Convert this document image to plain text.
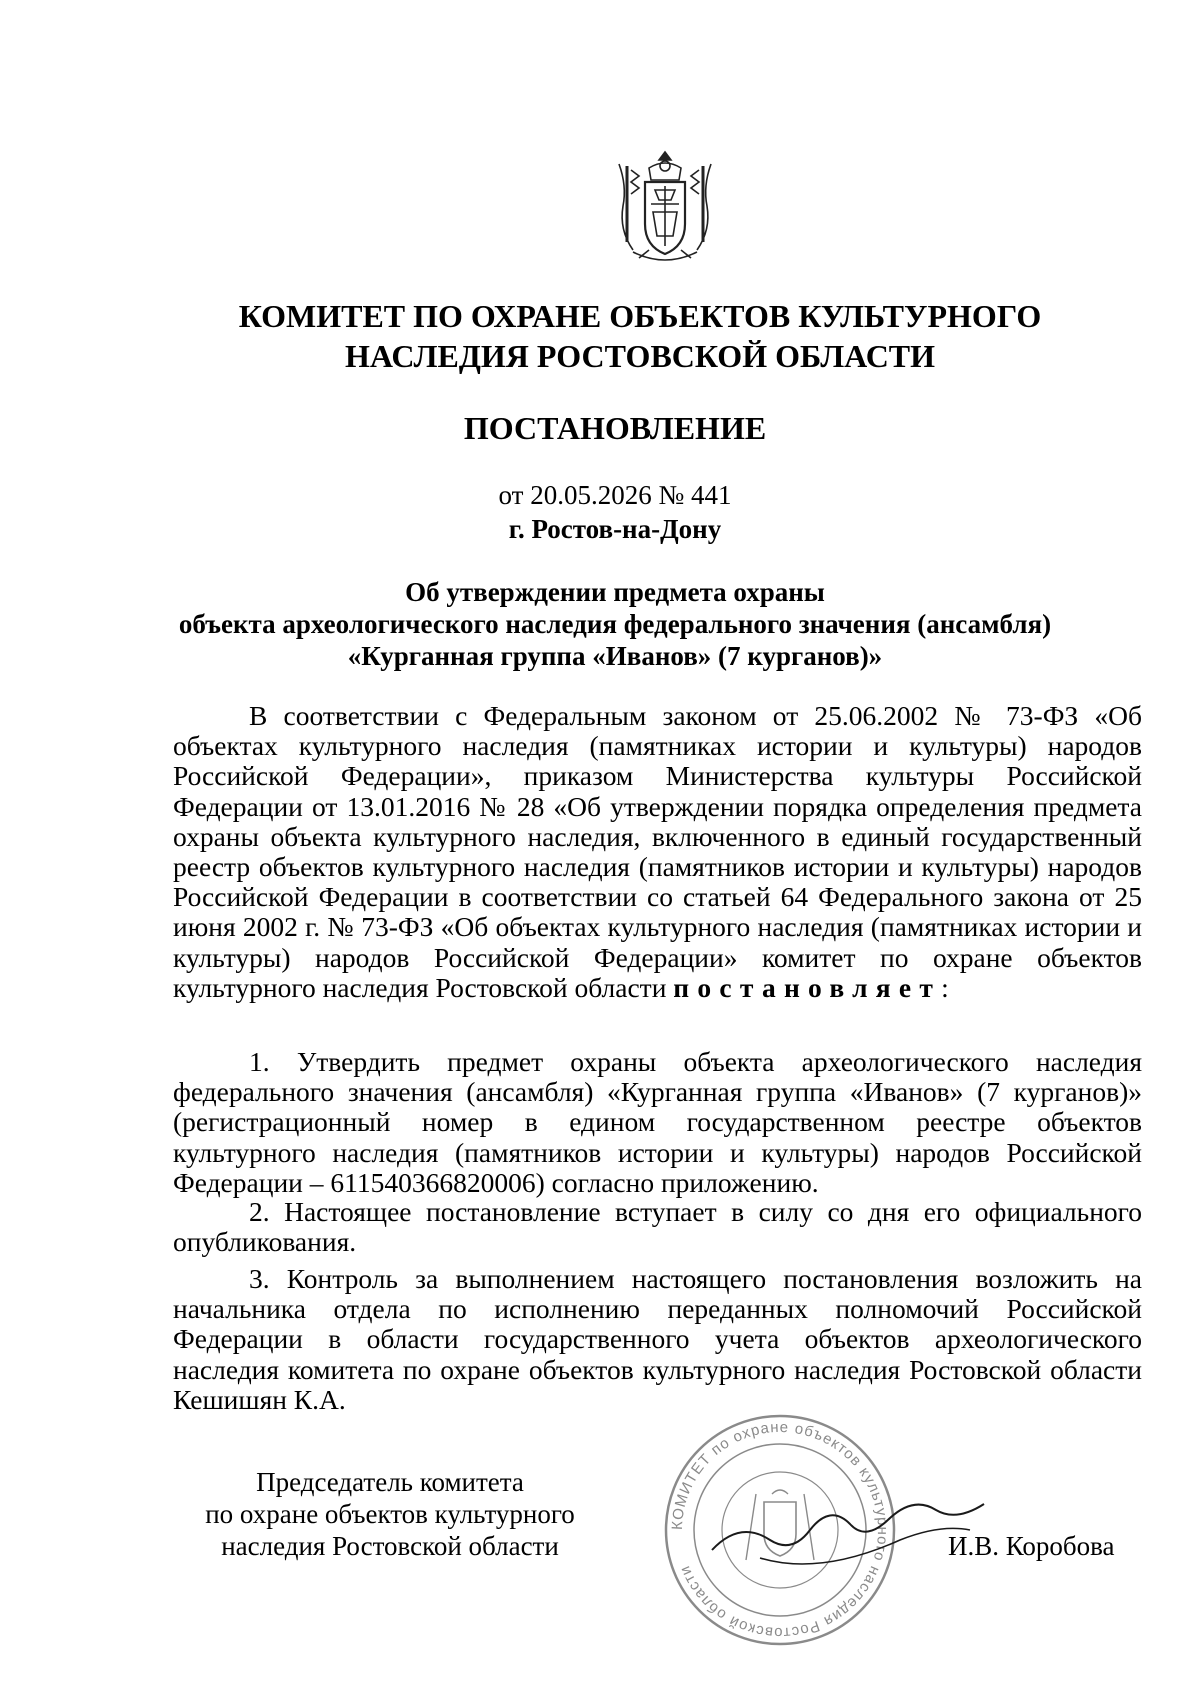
КОМИТЕТ ПО ОХРАНЕ ОБЪЕКТОВ КУЛЬТУРНОГО
НАСЛЕДИЯ РОСТОВСКОЙ ОБЛАСТИ
ПОСТАНОВЛЕНИЕ
от 20.05.2026 № 441
г. Ростов-на-Дону
Об утверждении предмета охраны
объекта археологического наследия федерального значения (ансамбля)
«Курганная группа «Иванов» (7 курганов)»

В соответствии с Федеральным законом от 25.06.2002 № 73-ФЗ «Об объектах культурного наследия (памятниках истории и культуры) народов Российской Федерации», приказом Министерства культуры Российской Федерации от 13.01.2016 № 28 «Об утверждении порядка определения предмета охраны объекта культурного наследия, включенного в единый государственный реестр объектов культурного наследия (памятников истории и культуры) народов Российской Федерации в соответствии со статьей 64 Федерального закона от 25 июня 2002 г. № 73-ФЗ «Об объектах культурного наследия (памятниках истории и культуры) народов Российской Федерации» комитет по охране объектов культурного наследия Ростовской области постановляет:

1. Утвердить предмет охраны объекта археологического наследия федерального значения (ансамбля) «Курганная группа «Иванов» (7 курганов)» (регистрационный номер в едином государственном реестре объектов культурного наследия (памятников истории и культуры) народов Российской Федерации – 611540366820006) согласно приложению.

2. Настоящее постановление вступает в силу со дня его официального опубликования.

3. Контроль за выполнением настоящего постановления возложить на начальника отдела по исполнению переданных полномочий Российской Федерации в области государственного учета объектов археологического наследия комитета по охране объектов культурного наследия Ростовской области Кешишян К.А.

Председатель комитета
по охране объектов культурного
наследия Ростовской области
КОМИТЕТ по охране объектов культурного наследия Ростовской области
И.В. Коробова
